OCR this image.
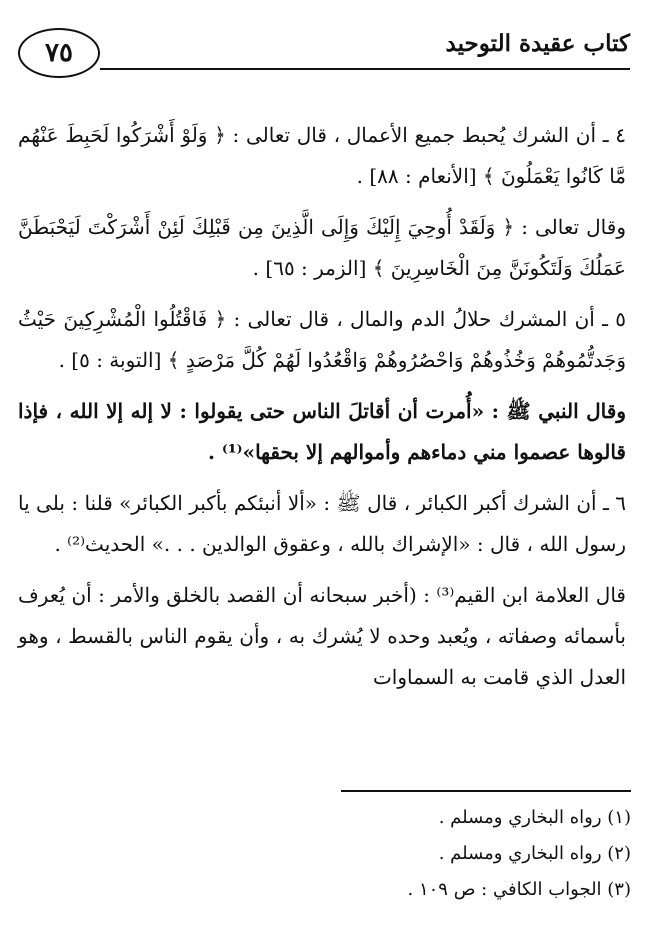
٧٥	كتاب عقيدة التوحيد

٤ ـ أن الشرك يُحبط جميع الأعمال ، قال تعالى : ﴿ وَلَوْ أَشْرَكُوا لَحَبِطَ عَنْهُم مَّا كَانُوا يَعْمَلُونَ ﴾ [الأنعام : ٨٨] .

وقال تعالى : ﴿ وَلَقَدْ أُوحِيَ إِلَيْكَ وَإِلَى الَّذِينَ مِن قَبْلِكَ لَئِنْ أَشْرَكْتَ لَيَحْبَطَنَّ عَمَلُكَ وَلَتَكُونَنَّ مِنَ الْخَاسِرِينَ ﴾ [الزمر : ٦٥] .

٥ ـ أن المشرك حلالُ الدم والمال ، قال تعالى : ﴿ فَاقْتُلُوا الْمُشْرِكِينَ حَيْثُ وَجَدتُّمُوهُمْ وَخُذُوهُمْ وَاحْصُرُوهُمْ وَاقْعُدُوا لَهُمْ كُلَّ مَرْصَدٍ ﴾ [التوبة : ٥] .

وقال النبي ﷺ : «أُمرت أن أقاتلَ الناس حتى يقولوا : لا إله إلا الله ، فإذا قالوها عصموا مني دماءهم وأموالهم إلا بحقها»⁽¹⁾ .

٦ ـ أن الشرك أكبر الكبائر ، قال ﷺ : «ألا أنبئكم بأكبر الكبائر» قلنا : بلى يا رسول الله ، قال : «الإشراك بالله ، وعقوق الوالدين . . .» الحديث⁽²⁾ .

قال العلامة ابن القيم⁽³⁾ : (أخبر سبحانه أن القصد بالخلق والأمر : أن يُعرف بأسمائه وصفاته ، ويُعبد وحده لا يُشرك به ، وأن يقوم الناس بالقسط ، وهو العدل الذي قامت به السماوات

(١) رواه البخاري ومسلم .
(٢) رواه البخاري ومسلم .
(٣) الجواب الكافي : ص ١٠٩ .
